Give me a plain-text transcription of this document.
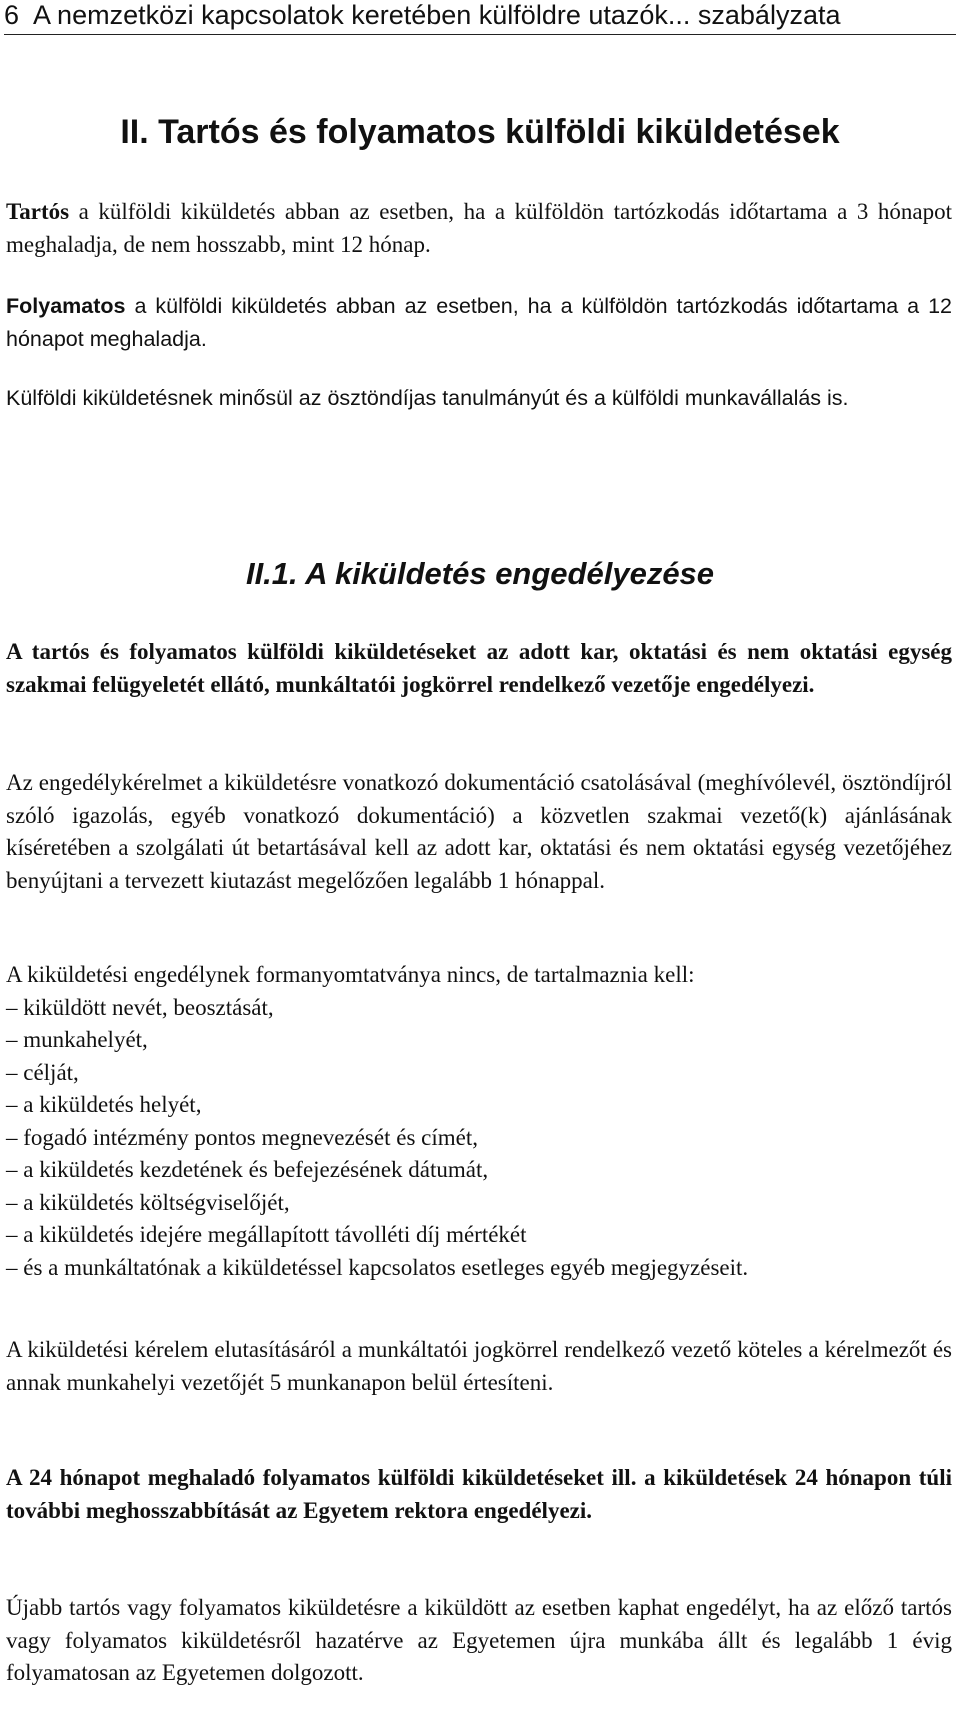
6 A nemzetközi kapcsolatok keretében külföldre utazók... szabályzata
II. Tartós és folyamatos külföldi kiküldetések

Tartós a külföldi kiküldetés abban az esetben, ha a külföldön tartózkodás időtartama a 3 hónapot meghaladja, de nem hosszabb, mint 12 hónap.

Folyamatos a külföldi kiküldetés abban az esetben, ha a külföldön tartózkodás időtartama a 12 hónapot meghaladja.

Külföldi kiküldetésnek minősül az ösztöndíjas tanulmányút és a külföldi munkavállalás is.

II.1. A kiküldetés engedélyezése

A tartós és folyamatos külföldi kiküldetéseket az adott kar, oktatási és nem oktatási egység szakmai felügyeletét ellátó, munkáltatói jogkörrel rendelkező vezetője engedélyezi.

Az engedélykérelmet a kiküldetésre vonatkozó dokumentáció csatolásával (meghívólevél, ösztöndíjról szóló igazolás, egyéb vonatkozó dokumentáció) a közvetlen szakmai vezető(k) ajánlásának kíséretében a szolgálati út betartásával kell az adott kar, oktatási és nem oktatási egység vezetőjéhez benyújtani a tervezett kiutazást megelőzően legalább 1 hónappal.

A kiküldetési engedélynek formanyomtatványa nincs, de tartalmaznia kell:
– kiküldött nevét, beosztását,
– munkahelyét,
– célját,
– a kiküldetés helyét,
– fogadó intézmény pontos megnevezését és címét,
– a kiküldetés kezdetének és befejezésének dátumát,
– a kiküldetés költségviselőjét,
– a kiküldetés idejére megállapított távolléti díj mértékét
– és a munkáltatónak a kiküldetéssel kapcsolatos esetleges egyéb megjegyzéseit.

A kiküldetési kérelem elutasításáról a munkáltatói jogkörrel rendelkező vezető köteles a kérelmezőt és annak munkahelyi vezetőjét 5 munkanapon belül értesíteni.

A 24 hónapot meghaladó folyamatos külföldi kiküldetéseket ill. a kiküldetések 24 hónapon túli további meghosszabbítását az Egyetem rektora engedélyezi.

Újabb tartós vagy folyamatos kiküldetésre a kiküldött az esetben kaphat engedélyt, ha az előző tartós vagy folyamatos kiküldetésről hazatérve az Egyetemen újra munkába állt és legalább 1 évig folyamatosan az Egyetemen dolgozott.
